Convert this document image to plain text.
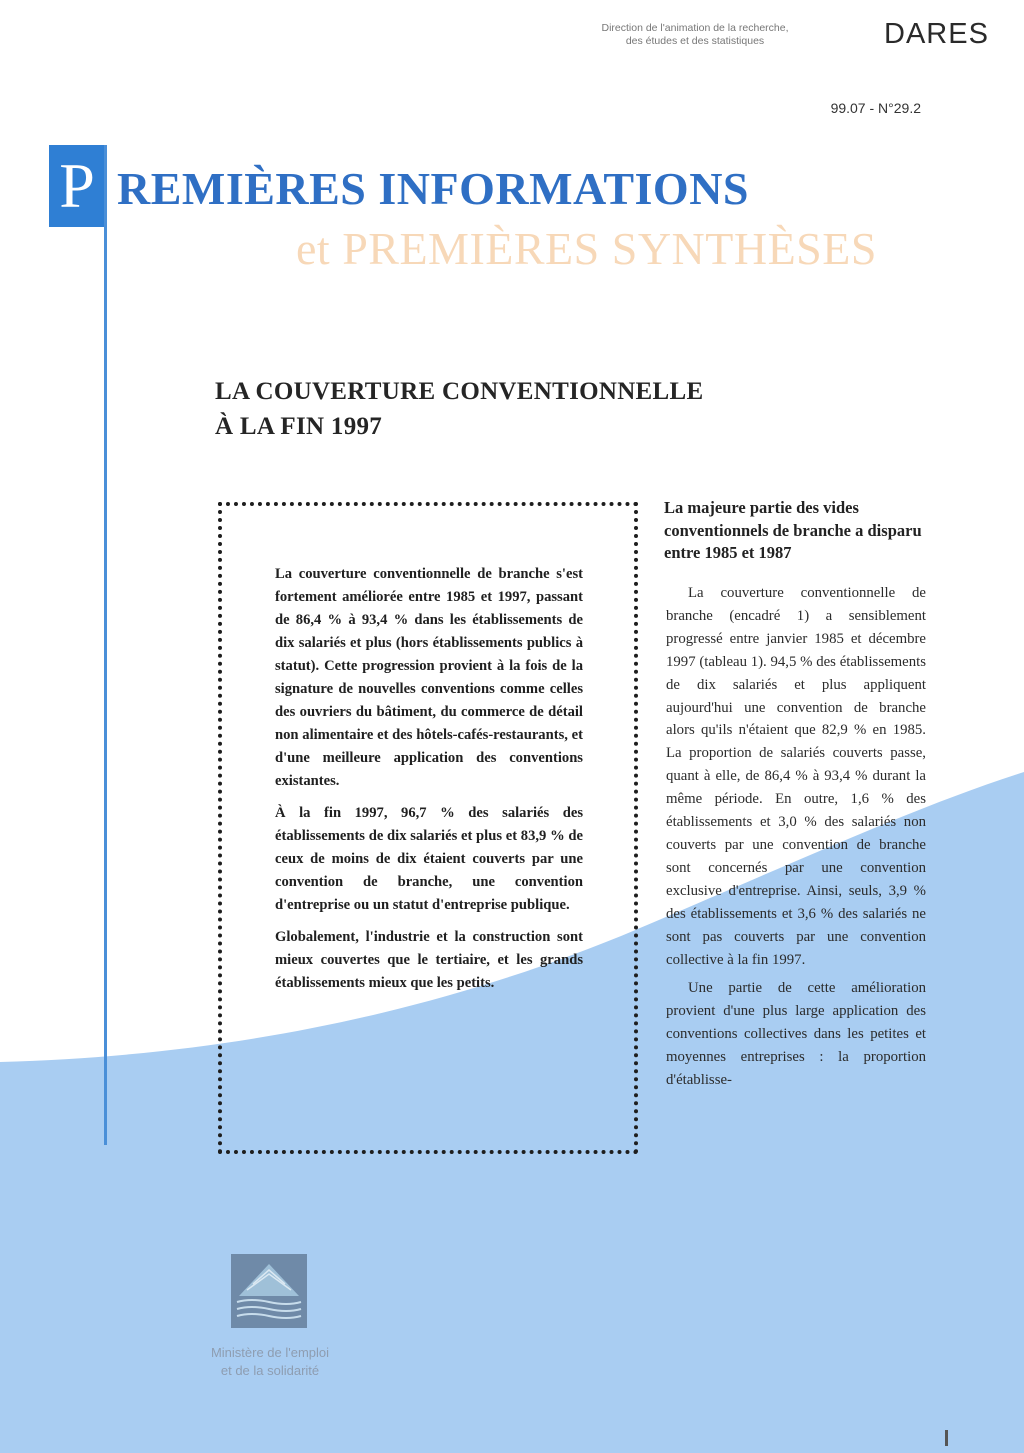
Direction de l'animation de la recherche,
des études et des statistiques	DARES
99.07 - N°29.2
P REMIÈRES INFORMATIONS
et PREMIÈRES SYNTHÈSES
LA COUVERTURE CONVENTIONNELLE
À LA FIN 1997

La couverture conventionnelle de branche s'est fortement améliorée entre 1985 et 1997, passant de 86,4 % à 93,4 % dans les établissements de dix salariés et plus (hors établissements publics à statut). Cette progression provient à la fois de la signature de nouvelles conventions comme celles des ouvriers du bâtiment, du commerce de détail non alimentaire et des hôtels-cafés-restaurants, et d'une meilleure application des conventions existantes.

À la fin 1997, 96,7 % des salariés des établissements de dix salariés et plus et 83,9 % de ceux de moins de dix étaient couverts par une convention de branche, une convention d'entreprise ou un statut d'entreprise publique.

Globalement, l'industrie et la construction sont mieux couvertes que le tertiaire, et les grands établissements mieux que les petits.

La majeure partie des vides conventionnels de branche a disparu entre 1985 et 1987

La couverture conventionnelle de branche (encadré 1) a sensiblement progressé entre janvier 1985 et décembre 1997 (tableau 1). 94,5 % des établissements de dix salariés et plus appliquent aujourd'hui une convention de branche alors qu'ils n'étaient que 82,9 % en 1985. La proportion de salariés couverts passe, quant à elle, de 86,4 % à 93,4 % durant la même période. En outre, 1,6 % des établissements et 3,0 % des salariés non couverts par une convention de branche sont concernés par une convention exclusive d'entreprise. Ainsi, seuls, 3,9 % des établissements et 3,6 % des salariés ne sont pas couverts par une convention collective à la fin 1997.

Une partie de cette amélioration provient d'une plus large application des conventions collectives dans les petites et moyennes entreprises : la proportion d'établisse-

Ministère de l'emploi
et de la solidarité
